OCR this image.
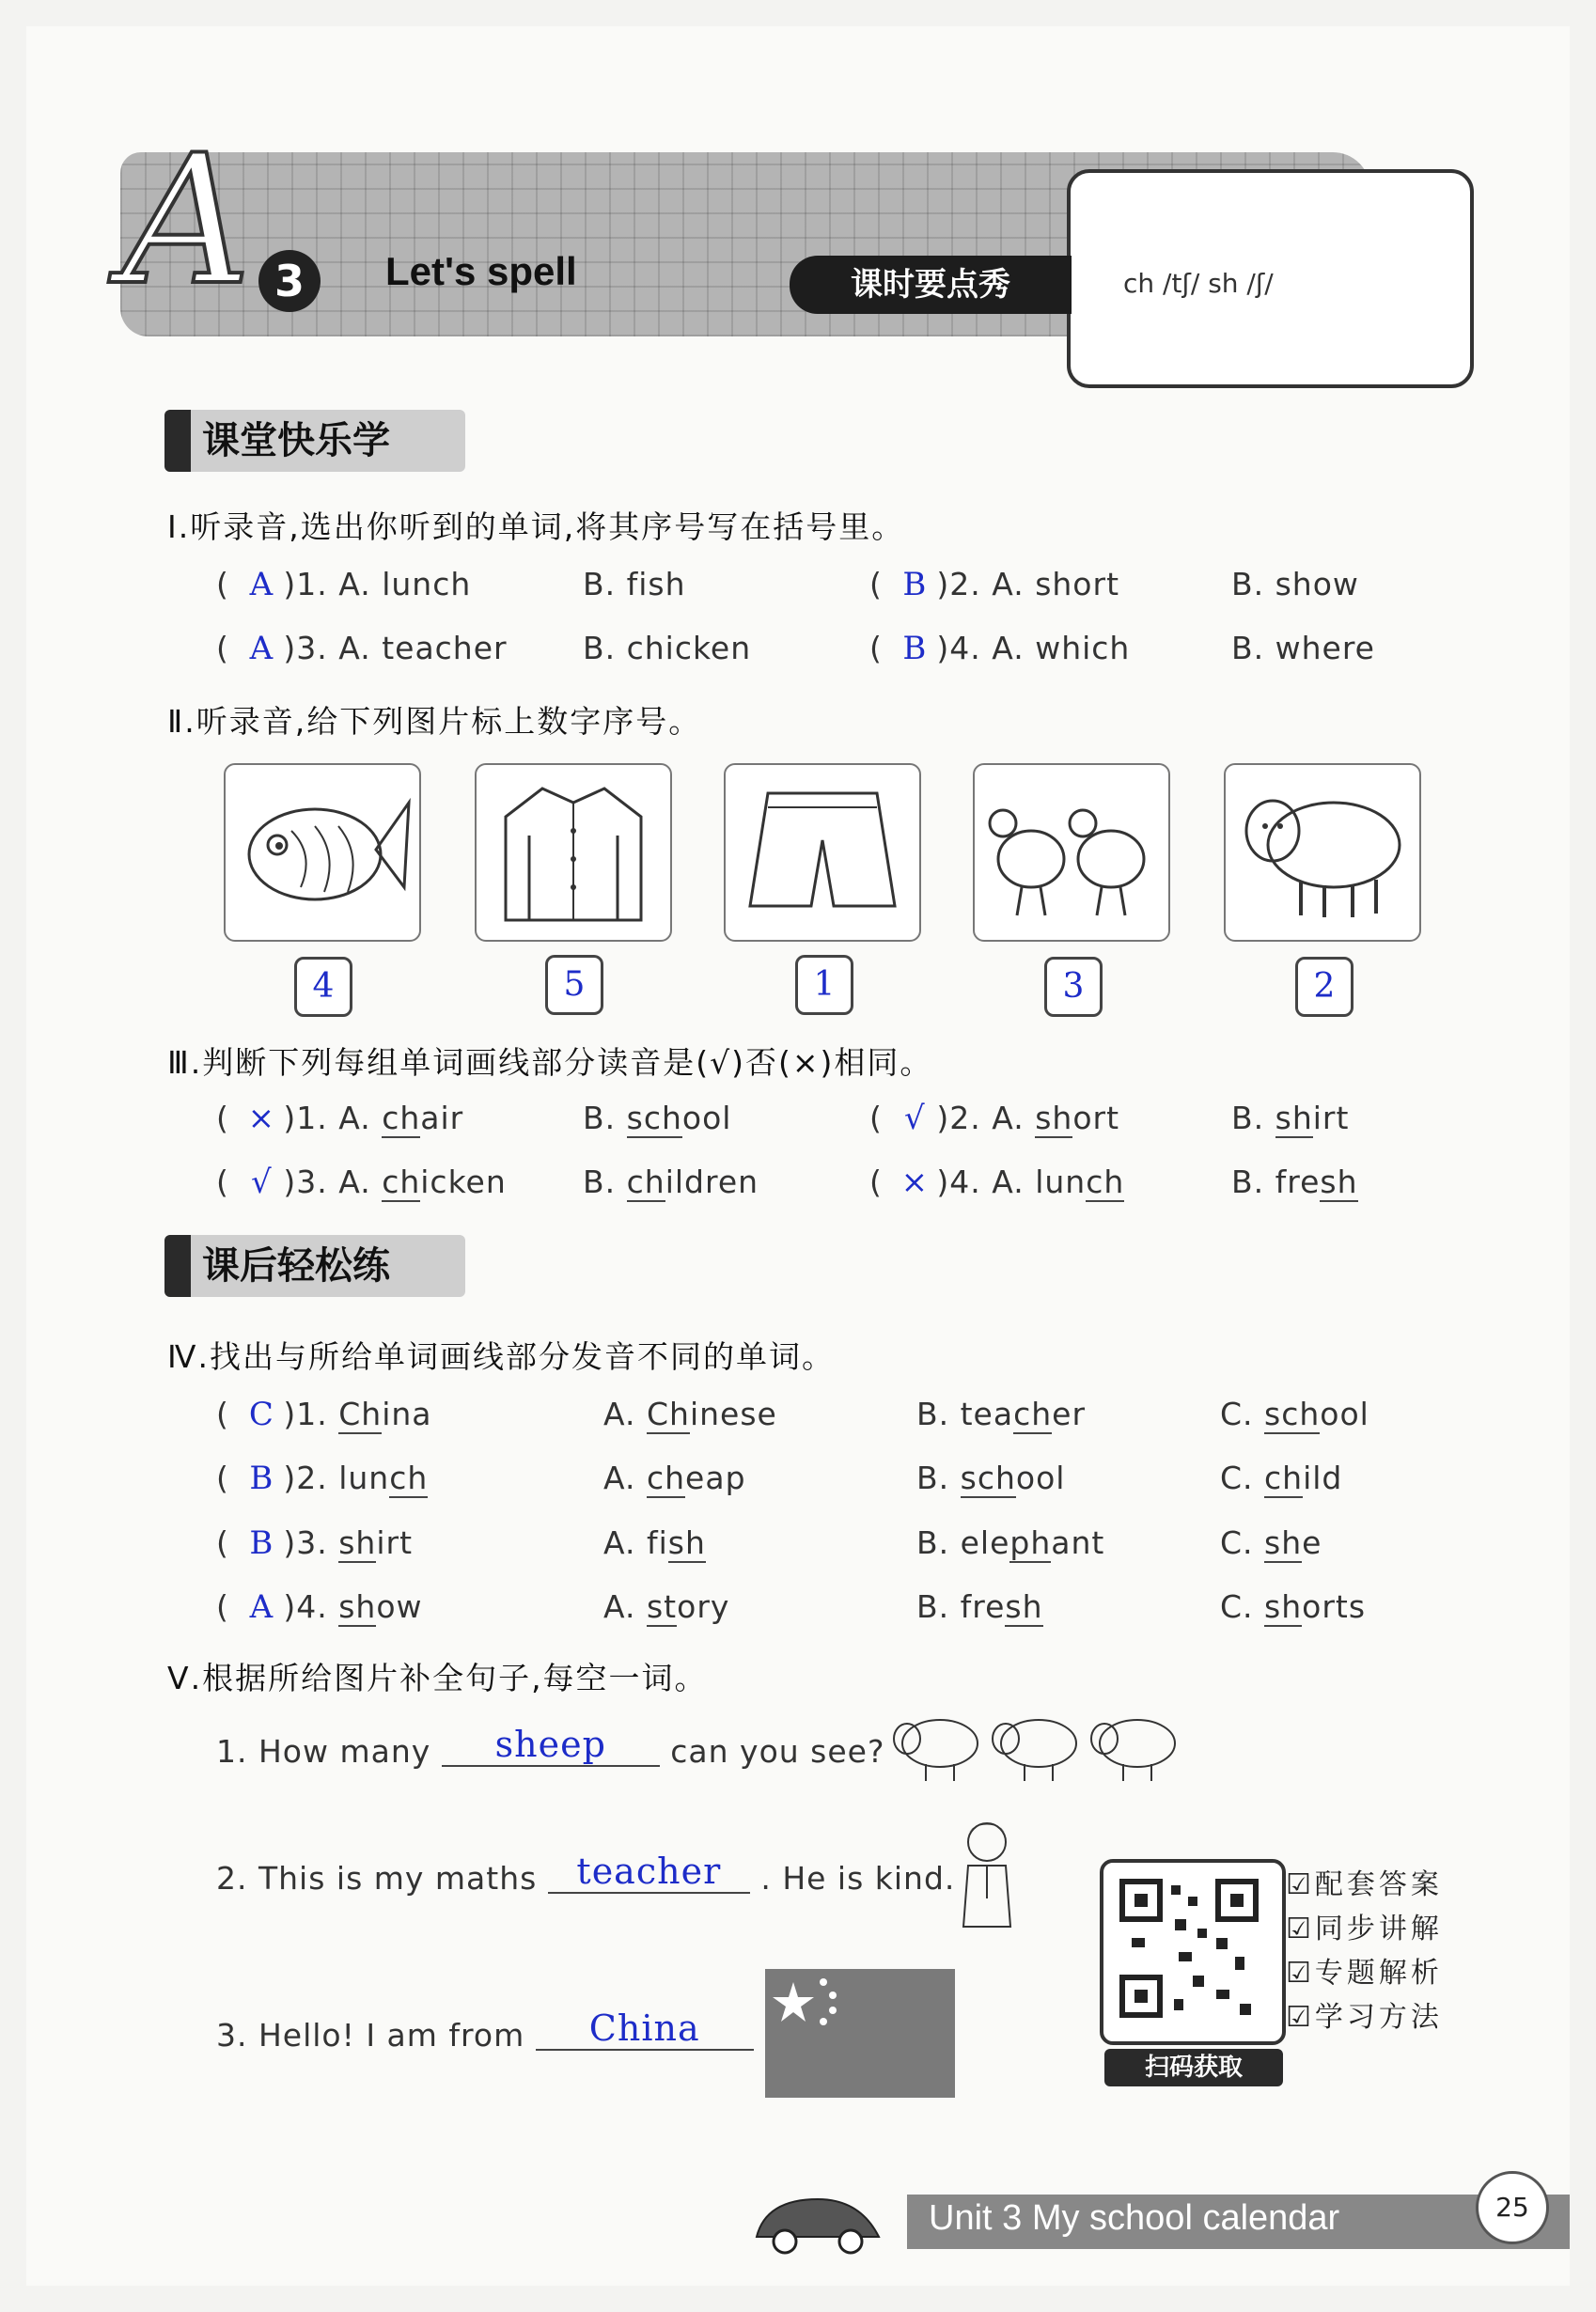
A 3	Let's spell	课时要点秀	ch /tʃ/ sh /ʃ/
课堂快乐学
Ⅰ.听录音,选出你听到的单词,将其序号写在括号里。
( A )1. A. lunch	B. fish	( B )2. A. short	B. show
( A )3. A. teacher B. chicken	( B )4. A. which	B. where
Ⅱ.听录音,给下列图片标上数字序号。
4	5	1	3	2
Ⅲ.判断下列每组单词画线部分读音是(√)否(×)相同。
( × )1. A. chair	B. school	( √ )2. A. short	B. shirt
( √ )3. A. chicken B. children	( × )4. A. lunch	B. fresh
课后轻松练
Ⅳ.找出与所给单词画线部分发音不同的单词。
( C )1. China	A. Chinese	B. teacher	C. school
( B )2. lunch	A. cheap	B. school	C. child
( B )3. shirt	A. fish	B. elephant	C. she
( A )4. show	A. story	B. fresh	C. shorts
Ⅴ.根据所给图片补全句子,每空一词。
1. How many sheep can you see?
2. This is my maths teacher . He is kind.
3. Hello! I am from China
扫码获取
☑配套答案
☑同步讲解
☑专题解析
☑学习方法
Unit 3 My school calendar	25
